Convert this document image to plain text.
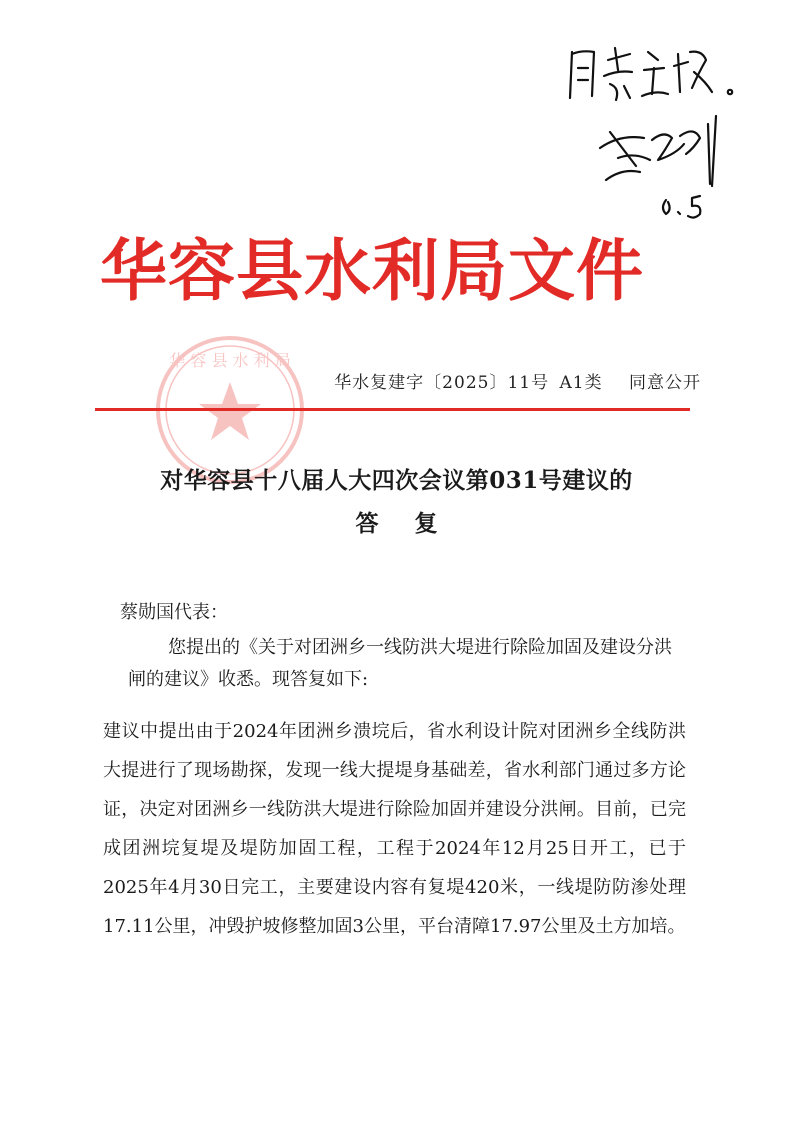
华容县水利局文件
华 容 县 水 利 局
华水复建字〔2025〕11号 A1类 同意公开
对华容县十八届人大四次会议第031号建议的
答复
蔡勋国代表：
您提出的《关于对团洲乡一线防洪大堤进行除险加固及建设分洪闸的建议》收悉。现答复如下:
建议中提出由于2024年团洲乡溃垸后，省水利设计院对团洲乡全线防洪大提进行了现场勘探，发现一线大提堤身基础差，省水利部门通过多方论证，决定对团洲乡一线防洪大堤进行除险加固并建设分洪闸。目前，已完成团洲垸复堤及堤防加固工程，工程于2024年12月25日开工，已于2025年4月30日完工，主要建设内容有复堤420米，一线堤防防渗处理17.11公里，冲毁护坡修整加固3公里，平台清障17.97公里及土方加培。
